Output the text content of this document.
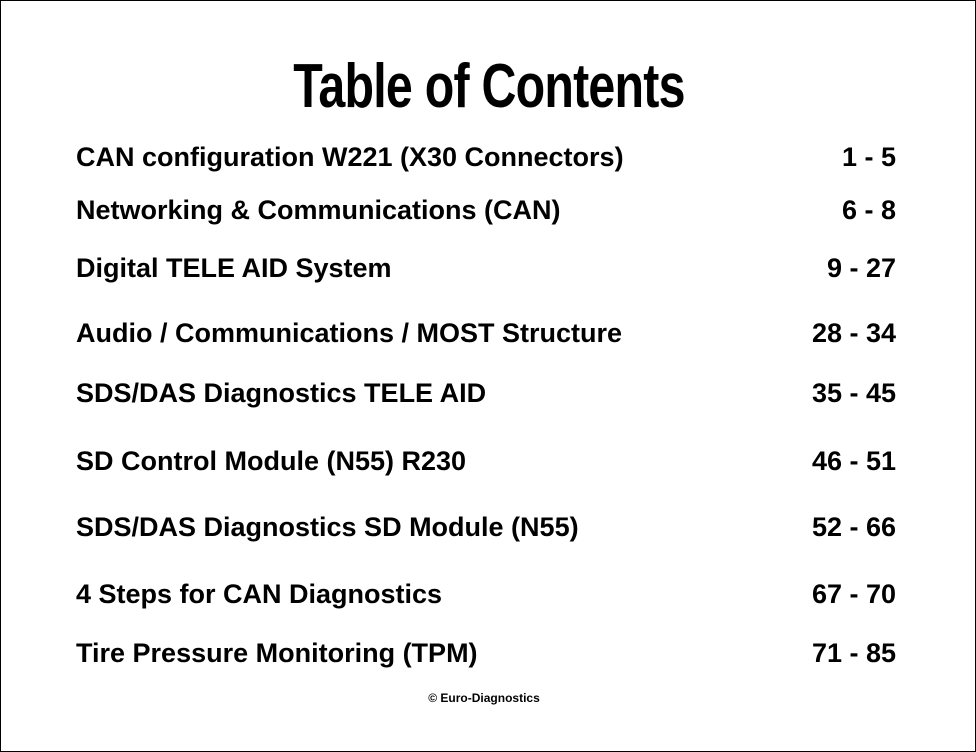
Table of Contents
CAN configuration W221 (X30 Connectors)	1 - 5
Networking & Communications (CAN)	6 - 8
Digital TELE AID System	9 - 27
Audio / Communications / MOST Structure	28 - 34
SDS/DAS Diagnostics TELE AID	35 - 45
SD Control Module (N55) R230	46 - 51
SDS/DAS Diagnostics SD Module (N55)	52 - 66
4 Steps for CAN Diagnostics	67 - 70
Tire Pressure Monitoring (TPM)	71 - 85
© Euro-Diagnostics
